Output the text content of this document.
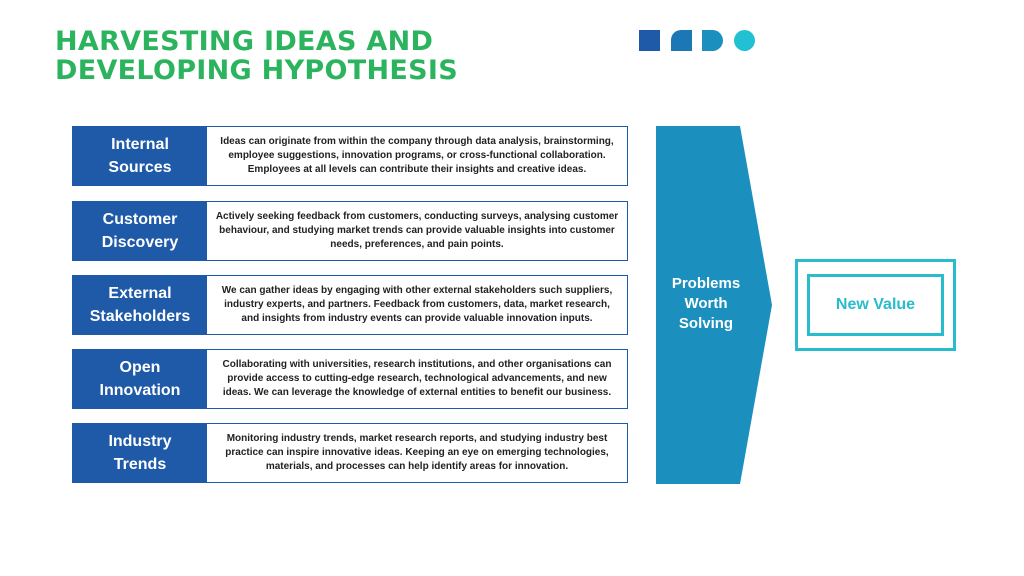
HARVESTING IDEAS AND
DEVELOPING HYPOTHESIS
Internal
Sources
Ideas can originate from within the company through data analysis, brainstorming, employee suggestions, innovation programs, or cross-functional collaboration. Employees at all levels can contribute their insights and creative ideas.
Customer
Discovery
Actively seeking feedback from customers, conducting surveys, analysing customer behaviour, and studying market trends can provide valuable insights into customer needs, preferences, and pain points.
External
Stakeholders
We can gather ideas by engaging with other external stakeholders such suppliers, industry experts, and partners. Feedback from customers, data, market research, and insights from industry events can provide valuable innovation inputs.
Open
Innovation
Collaborating with universities, research institutions, and other organisations can provide access to cutting-edge research, technological advancements, and new ideas. We can leverage the knowledge of external entities to benefit our business.
Industry
Trends
Monitoring industry trends, market research reports, and studying industry best practice can inspire innovative ideas. Keeping an eye on emerging technologies, materials, and processes can help identify areas for innovation.
Problems
Worth
Solving
New Value
